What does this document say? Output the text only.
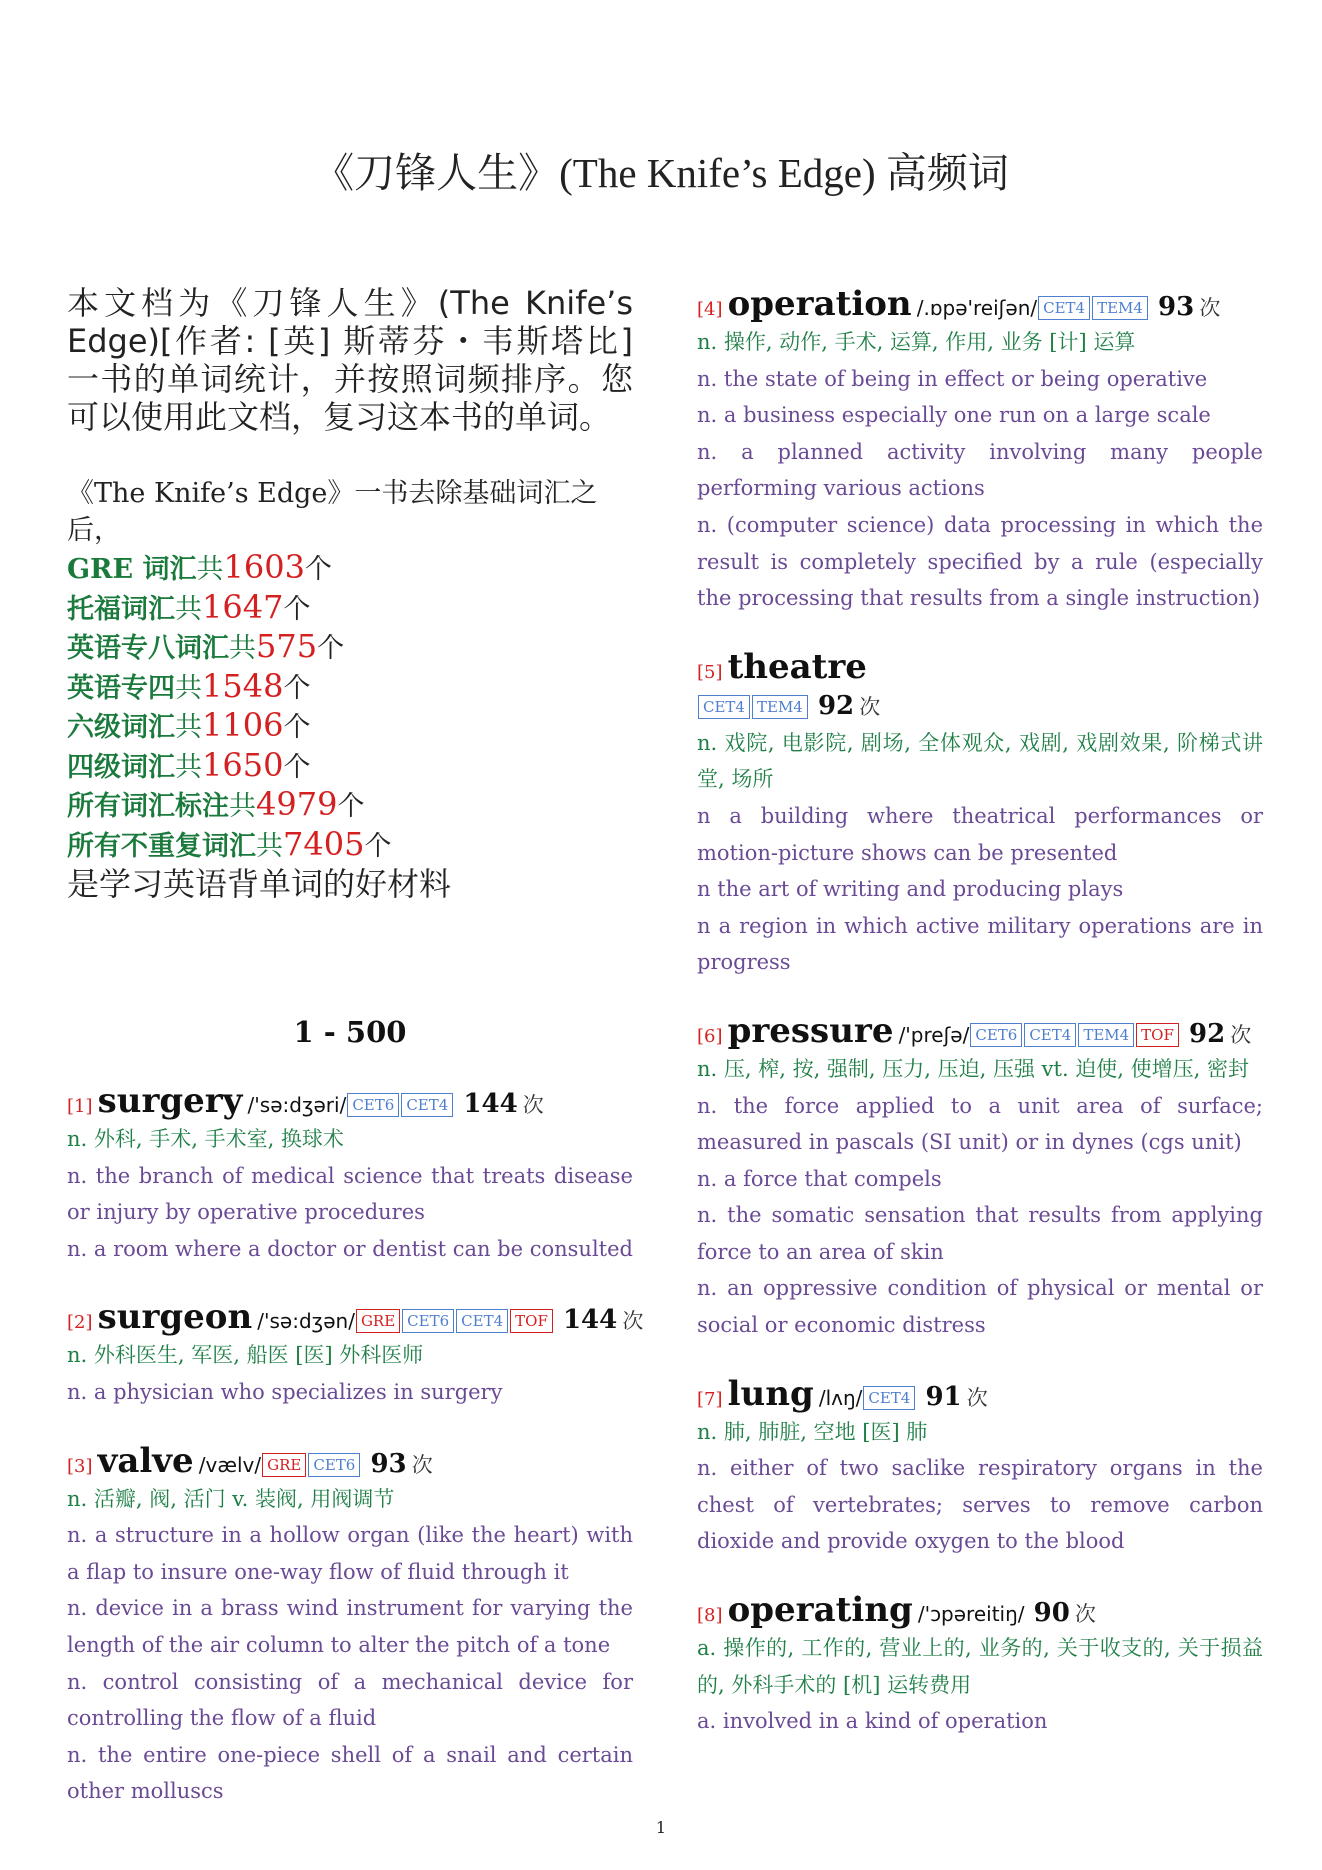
《刀锋人生》(The Knife’s Edge) 高频词

本文档为《刀锋人生》(The Knife’s Edge)[作者: [英] 斯蒂芬・韦斯塔比] 一书的单词统计，并按照词频排序。您可以使用此文档，复习这本书的单词。

《The Knife’s Edge》一书去除基础词汇之后，
GRE 词汇共1603个
托福词汇共1647个
英语专八词汇共575个
英语专四共1548个
六级词汇共1106个
四级词汇共1650个
所有词汇标注共4979个
所有不重复词汇共7405个
是学习英语背单词的好材料
1 - 500
[1] surgery /'sə:dʒəri/ CET6 CET4 144 次
n. 外科, 手术, 手术室, 换球术
n. the branch of medical science that treats disease or injury by operative procedures
n. a room where a doctor or dentist can be consulted
[2] surgeon /'sə:dʒən/ GRE CET6 CET4 TOF 144 次
n. 外科医生, 军医, 船医 [医] 外科医师
n. a physician who specializes in surgery
[3] valve /vælv/ GRE CET6 93 次
n. 活瓣, 阀, 活门 v. 装阀, 用阀调节
n. a structure in a hollow organ (like the heart) with a flap to insure one-way flow of fluid through it
n. device in a brass wind instrument for varying the length of the air column to alter the pitch of a tone
n. control consisting of a mechanical device for controlling the flow of a fluid
n. the entire one-piece shell of a snail and certain other molluscs
[4] operation /.ɒpə'reiʃən/ CET4 TEM4 93 次
n. 操作, 动作, 手术, 运算, 作用, 业务 [计] 运算
n. the state of being in effect or being operative
n. a business especially one run on a large scale
n. a planned activity involving many people performing various actions
n. (computer science) data processing in which the result is completely specified by a rule (especially the processing that results from a single instruction)
[5] theatre
CET4 TEM4 92 次
n. 戏院, 电影院, 剧场, 全体观众, 戏剧, 戏剧效果, 阶梯式讲堂, 场所
n a building where theatrical performances or motion-picture shows can be presented
n the art of writing and producing plays
n a region in which active military operations are in progress
[6] pressure /'preʃə/ CET6 CET4 TEM4 TOF 92 次
n. 压, 榨, 按, 强制, 压力, 压迫, 压强 vt. 迫使, 使增压, 密封
n. the force applied to a unit area of surface; measured in pascals (SI unit) or in dynes (cgs unit)
n. a force that compels
n. the somatic sensation that results from applying force to an area of skin
n. an oppressive condition of physical or mental or social or economic distress
[7] lung /lʌŋ/ CET4 91 次
n. 肺, 肺脏, 空地 [医] 肺
n. either of two saclike respiratory organs in the chest of vertebrates; serves to remove carbon dioxide and provide oxygen to the blood
[8] operating /'ɔpəreitiŋ/ 90 次
a. 操作的, 工作的, 营业上的, 业务的, 关于收支的, 关于损益的, 外科手术的 [机] 运转费用
a. involved in a kind of operation
1
